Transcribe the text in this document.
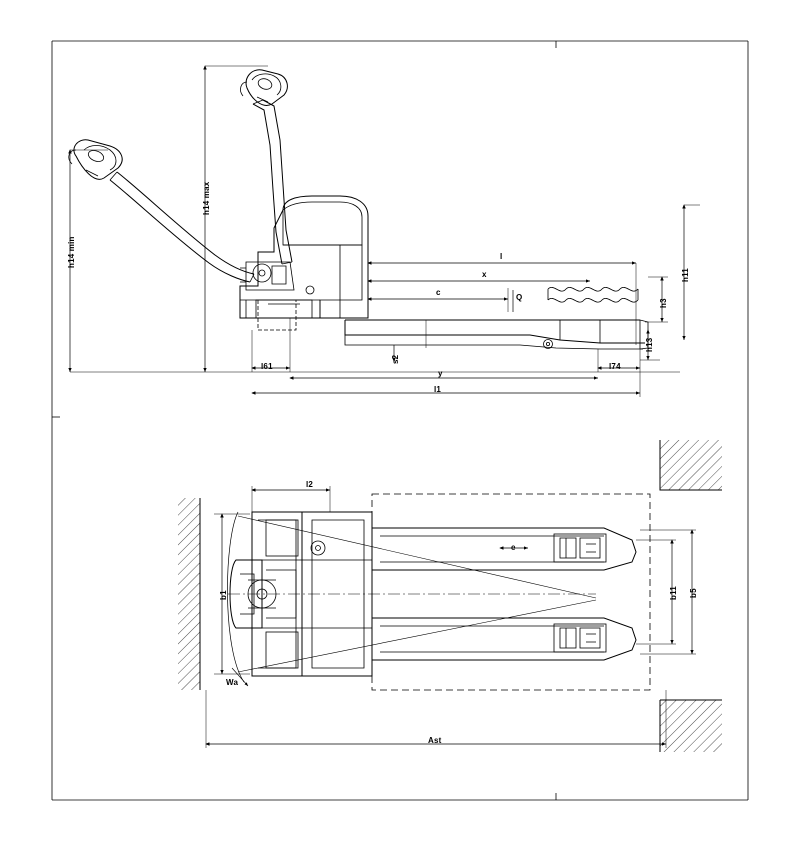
h14 max
h14 min	l
x
c
Q
h11
h3
h13
l61	l74
s2
y
l1
l2
b1	b11 b5
e
Wa
Ast
